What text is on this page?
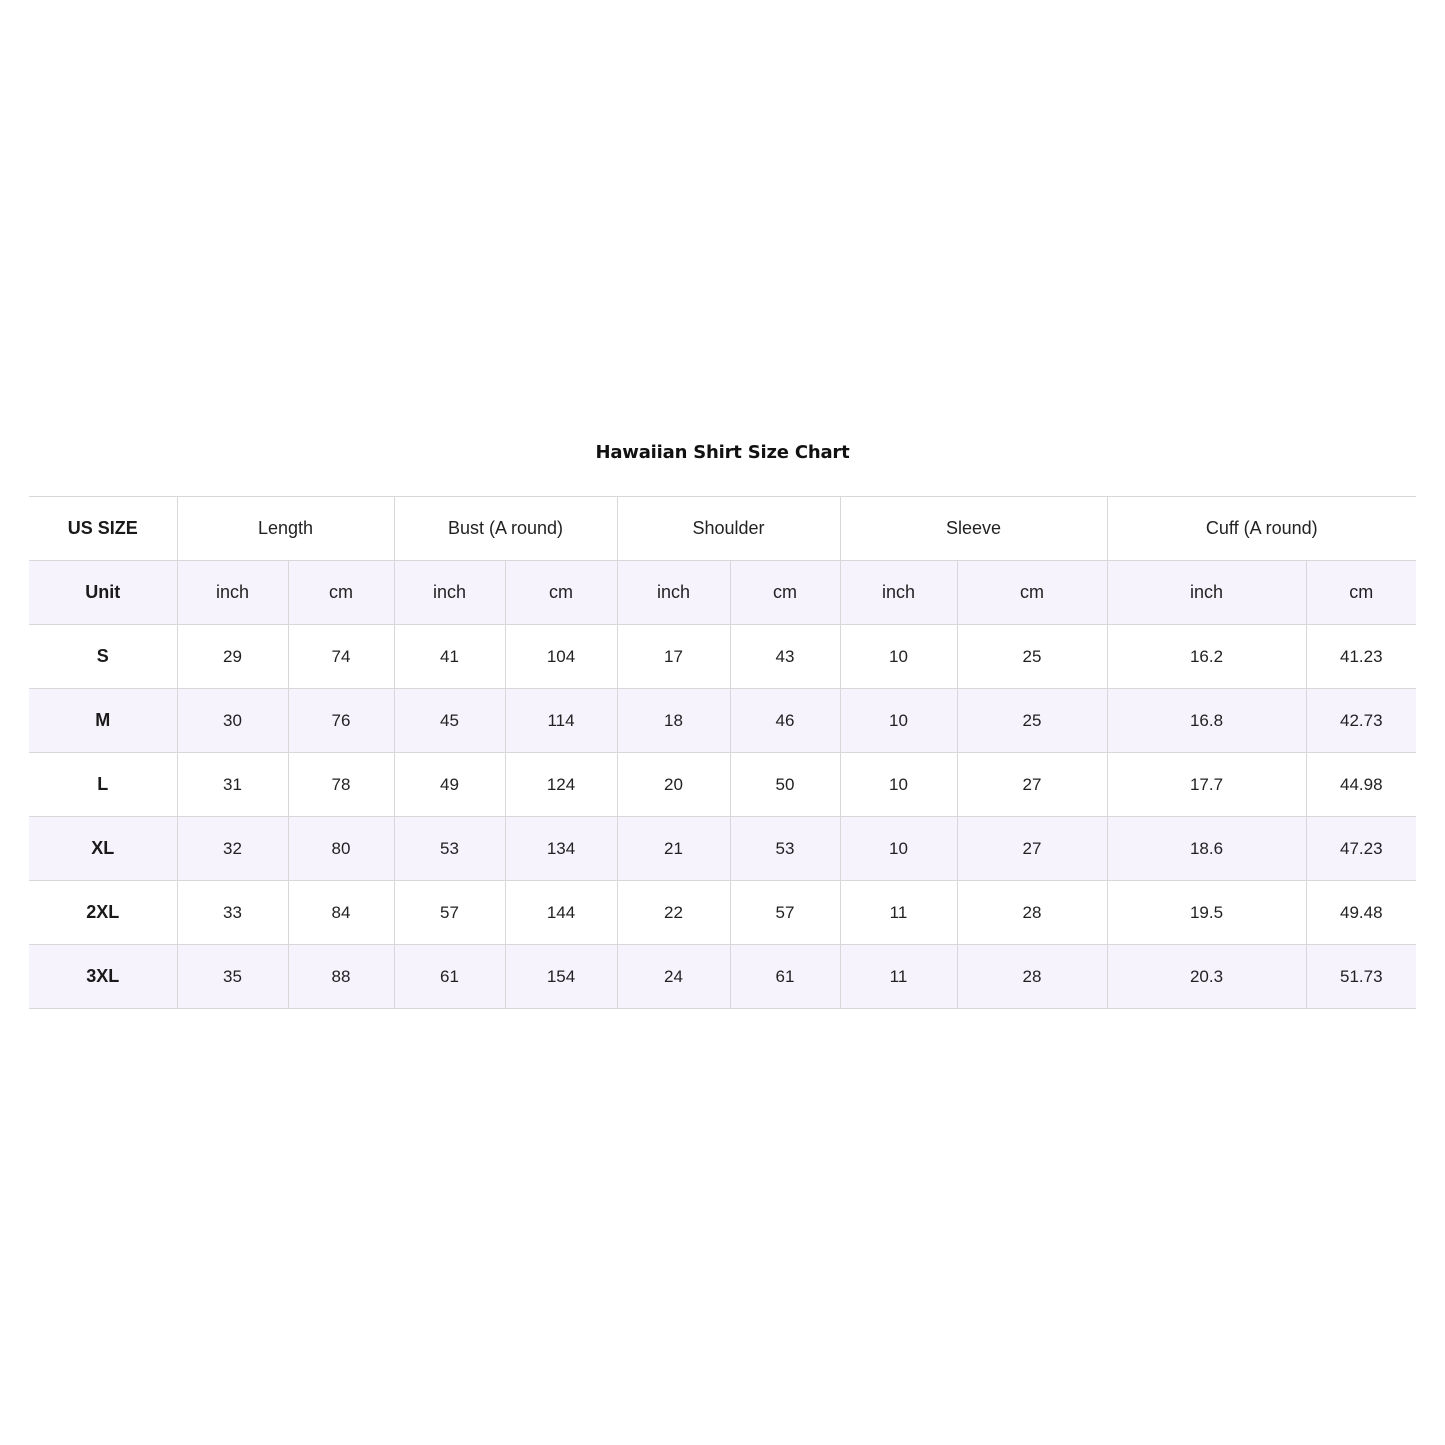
Hawaiian Shirt Size Chart
US SIZE	Length		Bust (A round)		Shoulder		Sleeve		Cuff (A round)	
Unit	inch	cm	inch	cm	inch	cm	inch	cm	inch	cm
S	29	74	41	104	17	43	10	25	16.2	41.23
M	30	76	45	114	18	46	10	25	16.8	42.73
L	31	78	49	124	20	50	10	27	17.7	44.98
XL	32	80	53	134	21	53	10	27	18.6	47.23
2XL	33	84	57	144	22	57	11	28	19.5	49.48
3XL	35	88	61	154	24	61	11	28	20.3	51.73
